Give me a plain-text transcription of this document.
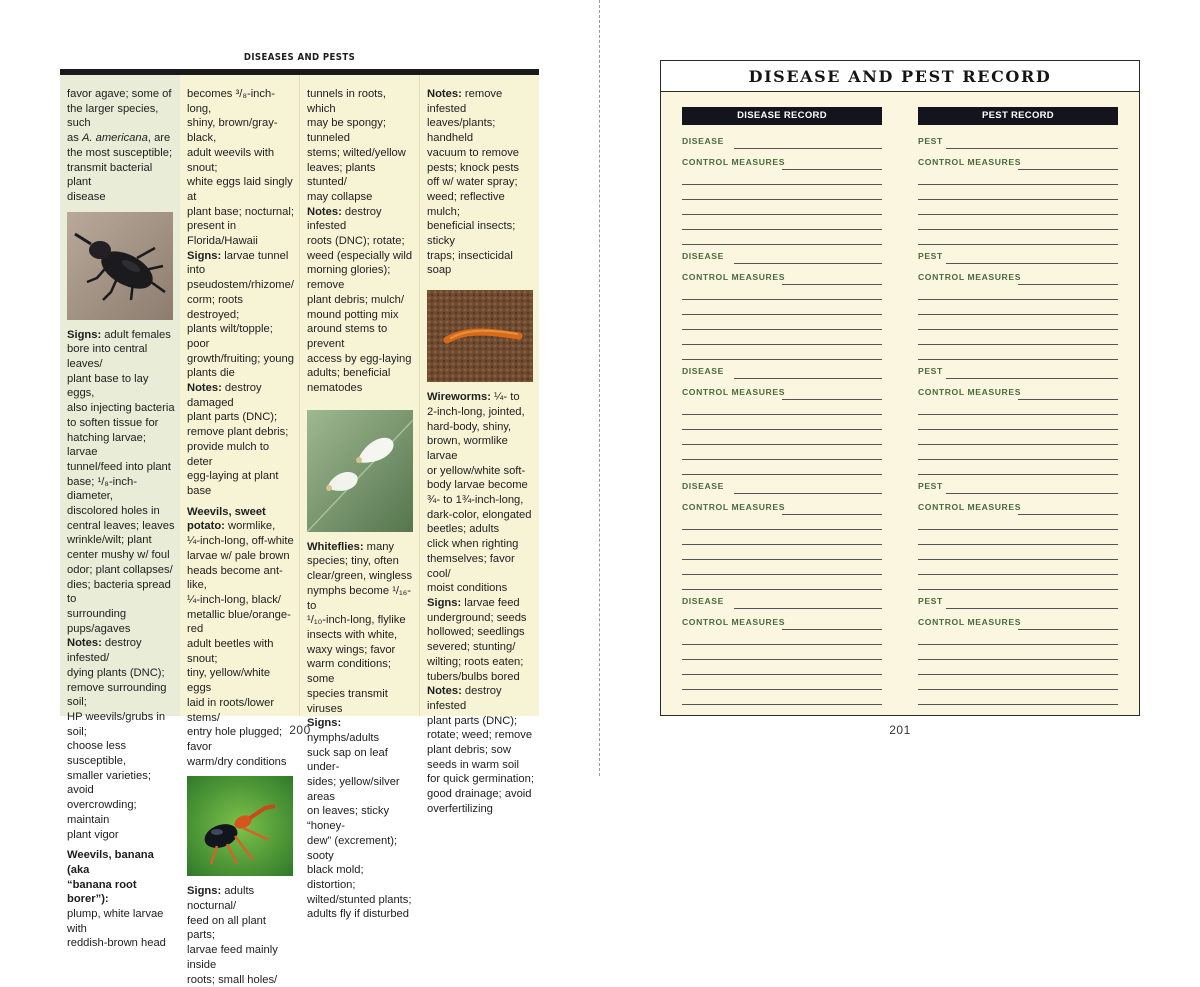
DISEASES AND PESTS

favor agave; some of
the larger species, such
as A. americana, are
the most susceptible;
transmit bacterial plant
disease

Signs: adult females
bore into central leaves/
plant base to lay eggs,
also injecting bacteria
to soften tissue for
hatching larvae; larvae
tunnel/feed into plant
base; ¹/₈-inch-diameter,
discolored holes in
central leaves; leaves
wrinkle/wilt; plant
center mushy w/ foul
odor; plant collapses/
dies; bacteria spread to
surrounding pups/agaves
Notes: destroy infested/
dying plants (DNC);
remove surrounding soil;
HP weevils/grubs in soil;
choose less susceptible,
smaller varieties; avoid
overcrowding; maintain
plant vigor

Weevils, banana (aka
“banana root borer”):
plump, white larvae with
reddish-brown head

becomes ³/₈-inch-long,
shiny, brown/gray-black,
adult weevils with snout;
white eggs laid singly at
plant base; nocturnal;
present in Florida/Hawaii
Signs: larvae tunnel into
pseudostem/rhizome/
corm; roots destroyed;
plants wilt/topple; poor
growth/fruiting; young
plants die
Notes: destroy damaged
plant parts (DNC);
remove plant debris;
provide mulch to deter
egg-laying at plant base

Weevils, sweet
potato: wormlike,
¼-inch-long, off-white
larvae w/ pale brown
heads become ant-like,
¼-inch-long, black/
metallic blue/orange-red
adult beetles with snout;
tiny, yellow/white eggs
laid in roots/lower stems/
entry hole plugged; favor
warm/dry conditions

Signs: adults nocturnal/
feed on all plant parts;
larvae feed mainly inside
roots; small holes/

tunnels in roots, which
may be spongy; tunneled
stems; wilted/yellow
leaves; plants stunted/
may collapse
Notes: destroy infested
roots (DNC); rotate;
weed (especially wild
morning glories); remove
plant debris; mulch/
mound potting mix
around stems to prevent
access by egg-laying
adults; beneficial
nematodes

Whiteflies: many
species; tiny, often
clear/green, wingless
nymphs become ¹/₁₆- to
¹/₁₀-inch-long, flylike
insects with white,
waxy wings; favor
warm conditions; some
species transmit viruses
Signs: nymphs/adults
suck sap on leaf under-
sides; yellow/silver areas
on leaves; sticky “honey-
dew” (excrement); sooty
black mold; distortion;
wilted/stunted plants;
adults fly if disturbed

Notes: remove infested
leaves/plants; handheld
vacuum to remove
pests; knock pests
off w/ water spray;
weed; reflective mulch;
beneficial insects; sticky
traps; insecticidal soap

Wireworms: ¼- to
2-inch-long, jointed,
hard-body, shiny,
brown, wormlike larvae
or yellow/white soft-
body larvae become
¾- to 1¾-inch-long,
dark-color, elongated
beetles; adults
click when righting
themselves; favor cool/
moist conditions
Signs: larvae feed
underground; seeds
hollowed; seedlings
severed; stunting/
wilting; roots eaten;
tubers/bulbs bored
Notes: destroy infested
plant parts (DNC);
rotate; weed; remove
plant debris; sow
seeds in warm soil
for quick germination;
good drainage; avoid
overfertilizing

200
DISEASE AND PEST RECORD
DISEASE RECORD	PEST RECORD
DISEASE
CONTROL MEASURES
PEST
CONTROL MEASURES
DISEASE
CONTROL MEASURES
PEST
CONTROL MEASURES
DISEASE
CONTROL MEASURES
PEST
CONTROL MEASURES
DISEASE
CONTROL MEASURES
PEST
CONTROL MEASURES
DISEASE
CONTROL MEASURES
PEST
CONTROL MEASURES
201
